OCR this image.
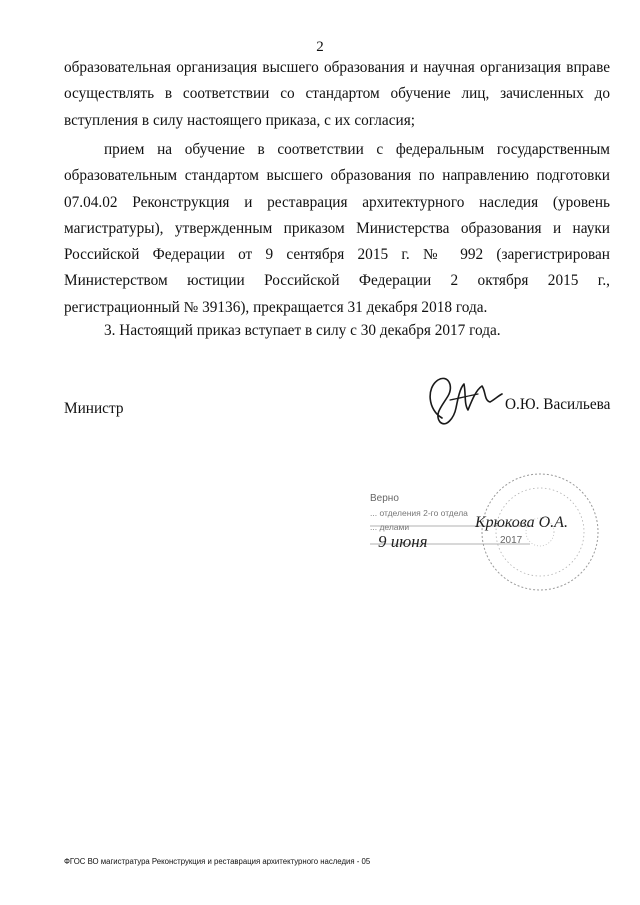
2

образовательная организация высшего образования и научная организация вправе осуществлять в соответствии со стандартом обучение лиц, зачисленных до вступления в силу настоящего приказа, с их согласия;

прием на обучение в соответствии с федеральным государственным образовательным стандартом высшего образования по направлению подготовки 07.04.02 Реконструкция и реставрация архитектурного наследия (уровень магистратуры), утвержденным приказом Министерства образования и науки Российской Федерации от 9 сентября 2015 г. № 992 (зарегистрирован Министерством юстиции Российской Федерации 2 октября 2015 г., регистрационный № 39136), прекращается 31 декабря 2018 года.

3. Настоящий приказ вступает в силу с 30 декабря 2017 года.

Министр	О.Ю. Васильева
Верно
... отделения 2-го отдела
... делами	Крюкова О.А.
9 июня	2017
ФГОС ВО магистратура Реконструкция и реставрация архитектурного наследия - 05
